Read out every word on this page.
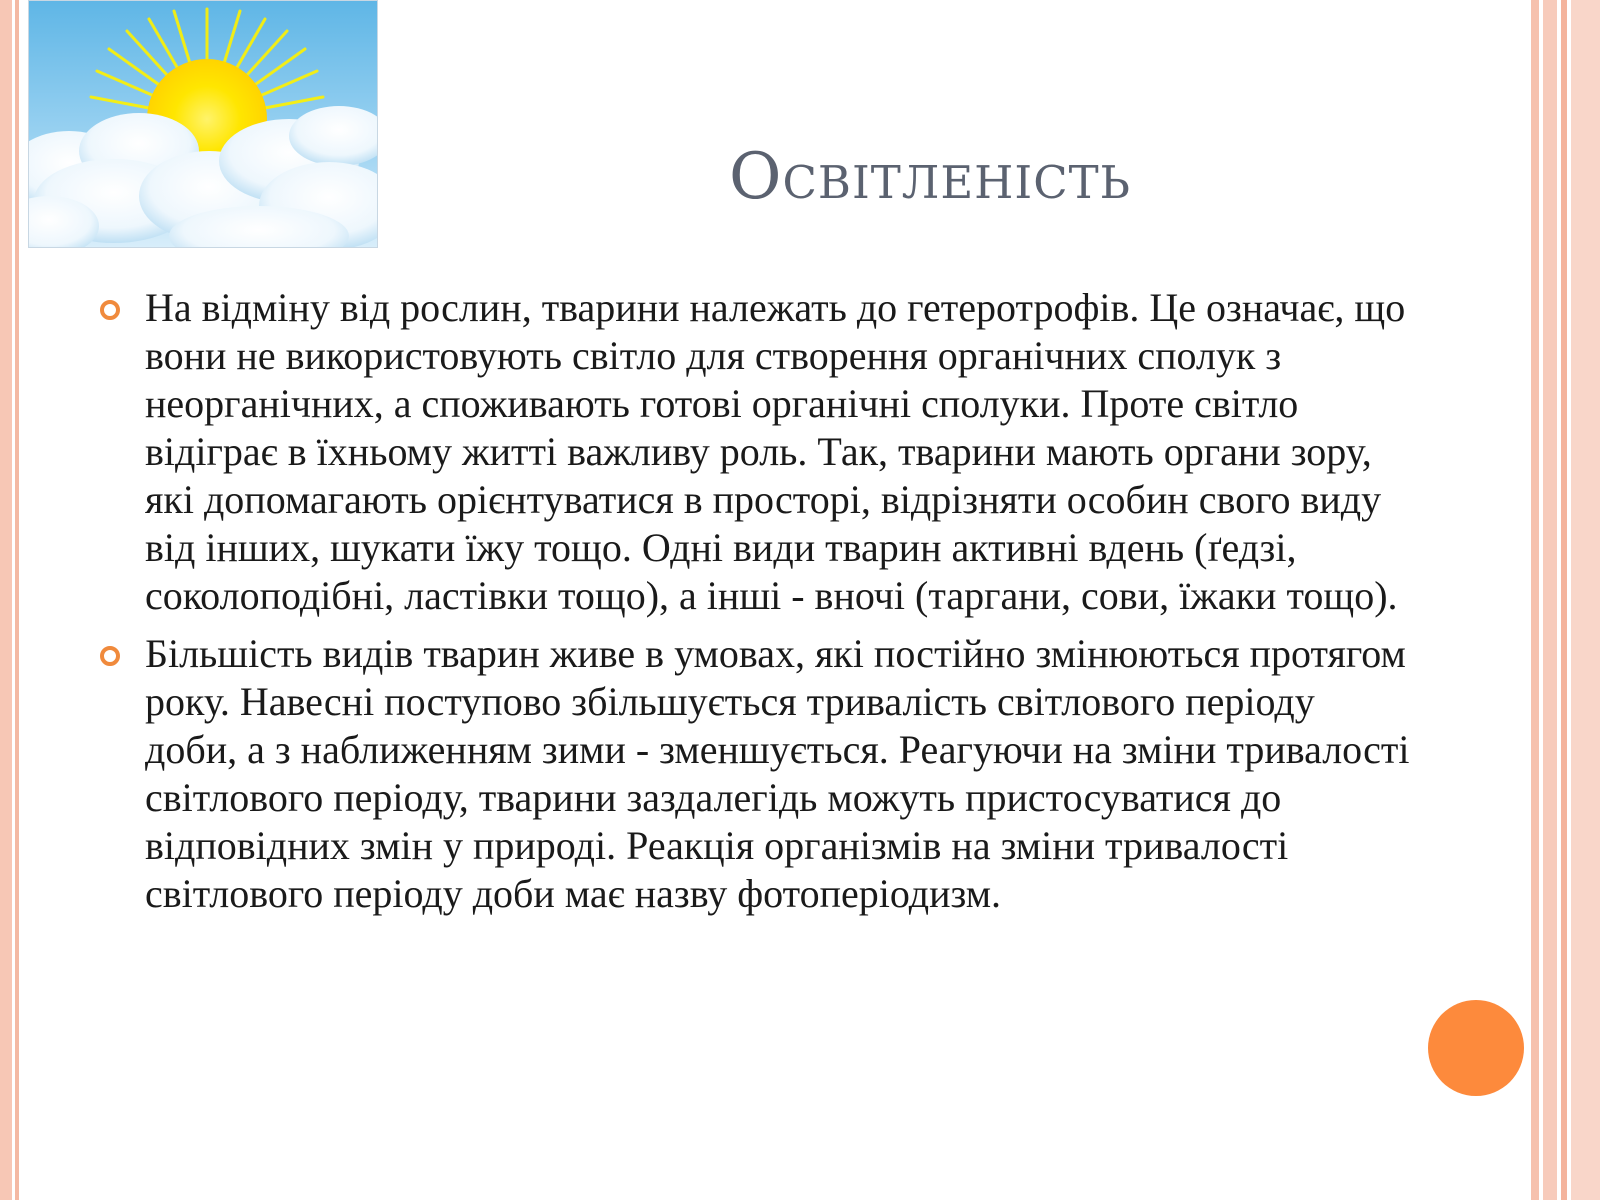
Освітленість
На відміну від рослин, тварини належать до гетеротрофів. Це означає, що вони не використовують світло для створення органічних сполук з неорганічних, а споживають готові органічні сполуки. Проте світло відіграє в їхньому житті важливу роль. Так, тварини мають органи зору, які допомагають орієнтуватися в просторі, відрізняти особин свого виду від інших, шукати їжу тощо. Одні види тварин активні вдень (ґедзі, соколоподібні, ластівки тощо), а інші - вночі (таргани, сови, їжаки тощо).
Більшість видів тварин живе в умовах, які постійно змінюються протягом року. Навесні поступово збільшується тривалість світлового періоду доби, а з наближенням зими - зменшується. Реагуючи на зміни тривалості світлового періоду, тварини заздалегідь можуть пристосуватися до відповідних змін у природі. Реакція організмів на зміни тривалості світлового періоду доби має назву фотоперіодизм.
